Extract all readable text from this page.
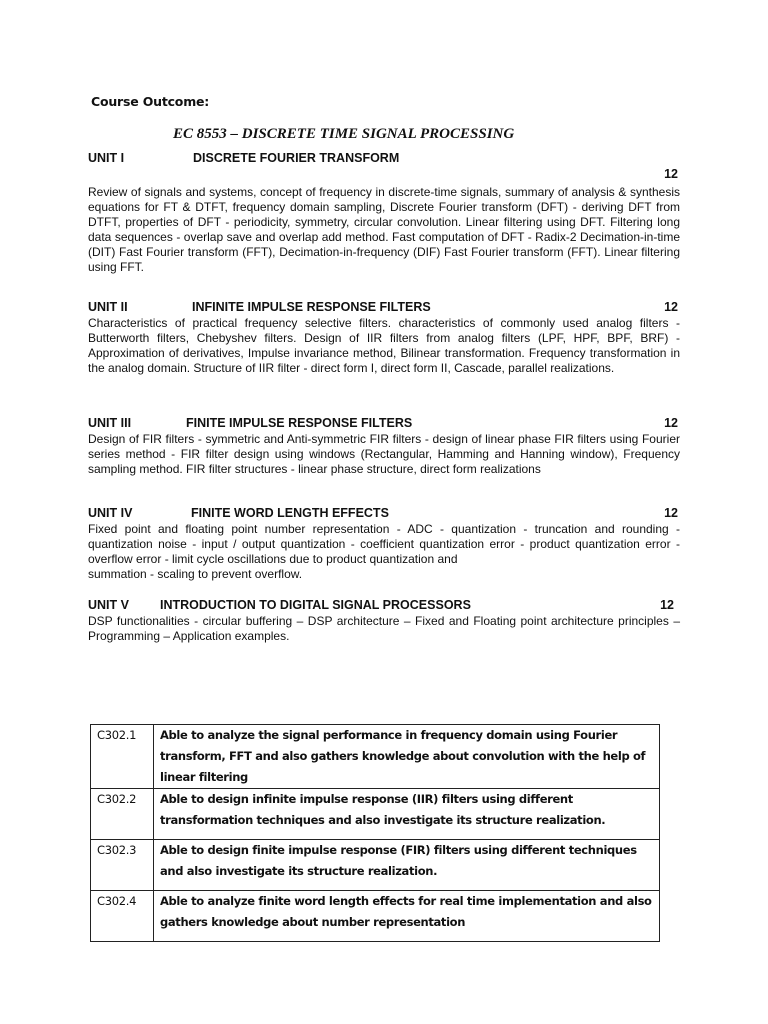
Course Outcome:
EC 8553 – DISCRETE TIME SIGNAL PROCESSING
UNIT I	DISCRETE FOURIER TRANSFORM
12

Review of signals and systems, concept of frequency in discrete-time signals, summary of analysis & synthesis equations for FT & DTFT, frequency domain sampling, Discrete Fourier transform (DFT) - deriving DFT from DTFT, properties of DFT - periodicity, symmetry, circular convolution. Linear filtering using DFT. Filtering long data sequences - overlap save and overlap add method. Fast computation of DFT - Radix-2 Decimation-in-time (DIT) Fast Fourier transform (FFT), Decimation-in-frequency (DIF) Fast Fourier transform (FFT). Linear filtering using FFT.

UNIT II	INFINITE IMPULSE RESPONSE FILTERS	12

Characteristics of practical frequency selective filters. characteristics of commonly used analog filters - Butterworth filters, Chebyshev filters. Design of IIR filters from analog filters (LPF, HPF, BPF, BRF) - Approximation of derivatives, Impulse invariance method, Bilinear transformation. Frequency transformation in the analog domain. Structure of IIR filter - direct form I, direct form II, Cascade, parallel realizations.

UNIT III	FINITE IMPULSE RESPONSE FILTERS	12

Design of FIR filters - symmetric and Anti-symmetric FIR filters - design of linear phase FIR filters using Fourier series method - FIR filter design using windows (Rectangular, Hamming and Hanning window), Frequency sampling method. FIR filter structures - linear phase structure, direct form realizations

UNIT IV	FINITE WORD LENGTH EFFECTS	12

Fixed point and floating point number representation - ADC - quantization - truncation and rounding - quantization noise - input / output quantization - coefficient quantization error - product quantization error - overflow error - limit cycle oscillations due to product quantization and

summation - scaling to prevent overflow.

UNIT V INTRODUCTION TO DIGITAL SIGNAL PROCESSORS	12

DSP functionalities - circular buffering – DSP architecture – Fixed and Floating point architecture principles – Programming – Application examples.

C302.1	Able to analyze the signal performance in frequency domain using Fourier transform, FFT and also gathers knowledge about convolution with the help of linear filtering
C302.2	Able to design infinite impulse response (IIR) filters using different transformation techniques and also investigate its structure realization.
C302.3	Able to design finite impulse response (FIR) filters using different techniques and also investigate its structure realization.
C302.4	Able to analyze finite word length effects for real time implementation and also gathers knowledge about number representation
